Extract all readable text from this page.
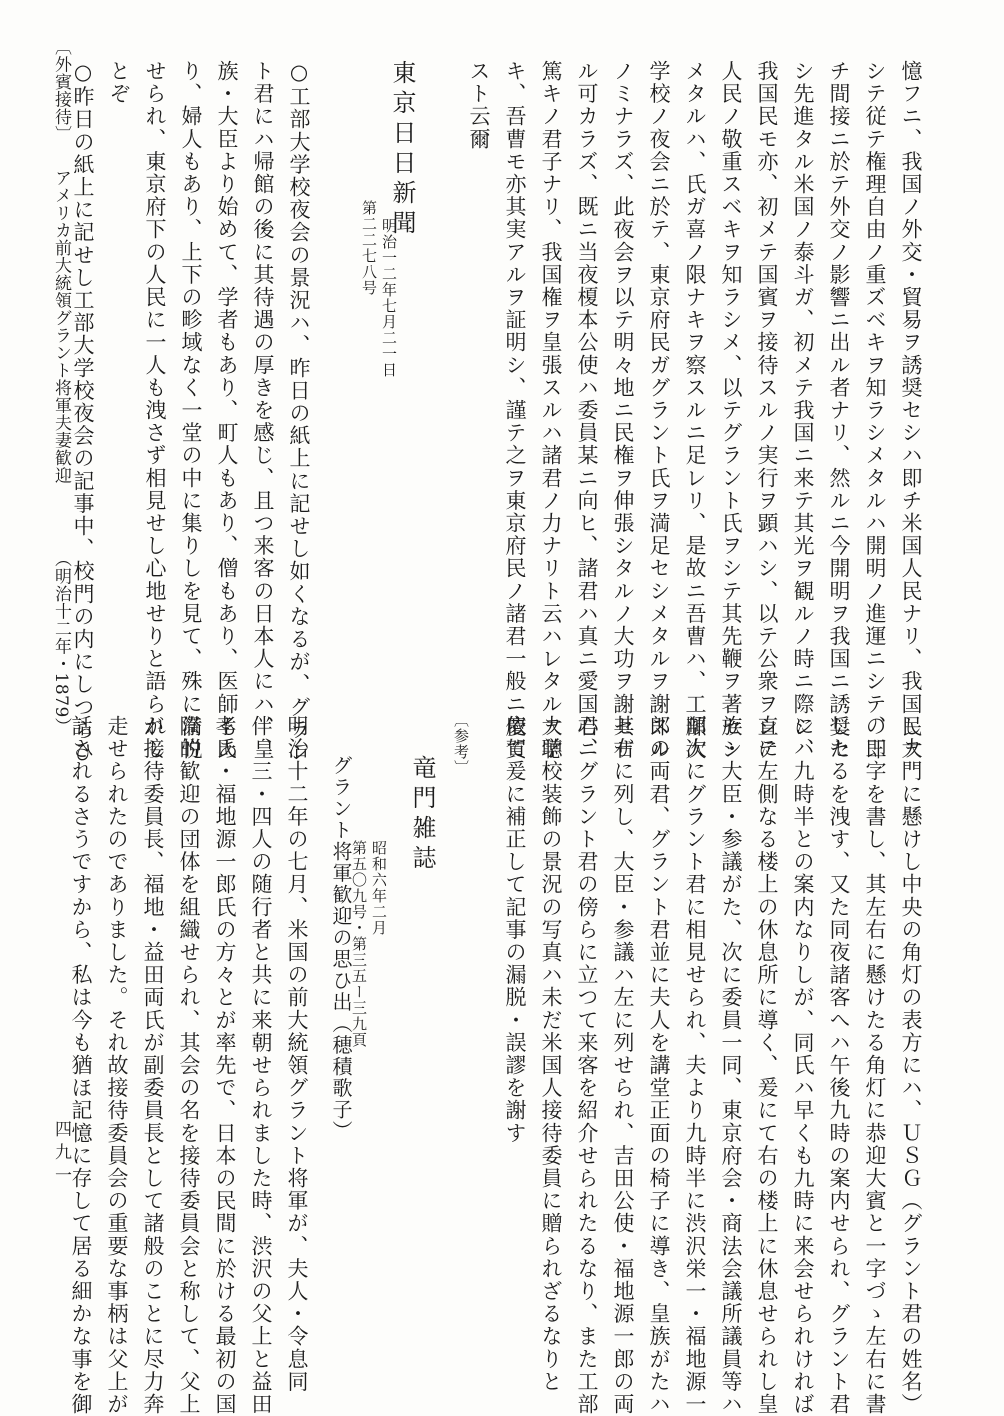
〔外賓接待〕アメリカ前大統領グラント将軍夫妻歓迎
（明治十二年・1879）
四九一
憶フニ、我国ノ外交・貿易ヲ誘奨セシハ即チ米国人民ナリ、我国民ヲ
シテ従テ権理自由ノ重ズベキヲ知ラシメタルハ開明ノ進運ニシテ、即
チ間接ニ於テ外交ノ影響ニ出ル者ナリ、然ルニ今開明ヲ我国ニ誘奨セ
シ先進タル米国ノ泰斗ガ、初メテ我国ニ来テ其光ヲ観ルノ時ニ際シ、
我国民モ亦、初メテ国賓ヲ接待スルノ実行ヲ顕ハシ、以テ公衆ヲシテ
人民ノ敬重スベキヲ知ラシメ、以テグラント氏ヲシテ其先鞭ヲ著セシ
メタルハ、氏ガ喜ノ限ナキヲ察スルニ足レリ、是故ニ吾曹ハ、工部大
学校ノ夜会ニ於テ、東京府民ガグラント氏ヲ満足セシメタルヲ謝スル
ノミナラズ、此夜会ヲ以テ明々地ニ民権ヲ伸張シタルノ大功ヲ謝セザ
ル可カラズ、既ニ当夜榎本公使ハ委員某ニ向ヒ、諸君ハ真ニ愛国心ニ
篤キノ君子ナリ、我国権ヲ皇張スルハ諸君ノ力ナリト云ハレタルヲ聴
キ、吾曹モ亦其実アルヲ証明シ、謹テ之ヲ東京府民ノ諸君一般ニ慶賀
スト云爾
東京日日新聞
第二二七八号 明治一二年七月二一日
○工部大学校夜会の景況ハ、昨日の紙上に記せし如くなるが、グラン
ト君にハ帰館の後に其待遇の厚きを感じ、且つ来客の日本人にハ、皇
族・大臣より始めて、学者もあり、町人もあり、僧もあり、医師もあ
り、婦人もあり、上下の畛域なく一堂の中に集りしを見て、殊に満悦
せられ、東京府下の人民に一人も洩さず相見せし心地せりと語られし
とぞ
○昨日の紙上に記せし工部大学校夜会の記事中、校門の内にしつらひ
し大門に懸けし中央の角灯の表方にハ、ＵＳＧ（グラント君の姓名）
の三字を書し、其左右に懸けたる角灯に恭迎大賓と一字づゝ左右に書
したるを洩す、又た同夜諸客へハ午後九時の案内せられ、グラント君
にハ九時半との案内なりしが、同氏ハ早くも九時に来会せられければ
直に左側なる楼上の休息所に導く、爰にて右の楼上に休息せられし皇
族・大臣・参議がた、次に委員一同、東京府会・商法会議所議員等ハ
順次にグラント君に相見せられ、夫より九時半に渋沢栄一・福地源一
郎の両君、グラント君並に夫人を講堂正面の椅子に導き、皇族がたハ
其右に列し、大臣・参議ハ左に列せられ、吉田公使・福地源一郎の両
君、グラント君の傍らに立つて来客を紹介せられたるなり、また工部
大学校装飾の景況の写真ハ未だ米国人接待委員に贈られざるなりと
依て爰に補正して記事の漏脱・誤謬を謝す
〔参考〕
竜門雑誌
第五〇九号・第三五ー三九頁 昭和六年二月
グラント将軍歓迎の思ひ出（穂積歌子）
明治十二年の七月、米国の前大統領グラント将軍が、夫人・令息同
伴、三・四人の随行者と共に来朝せられました時、渋沢の父上と益田
孝氏・福地源一郎氏の方々とが率先で、日本の民間に於ける最初の国
際的歓迎の団体を組織せられ、其会の名を接待委員会と称して、父上
が接待委員長、福地・益田両氏が副委員長として諸般のことに尽力奔
走せられたのでありました。それ故接待委員会の重要な事柄は父上が
話されるさうですから、私は今も猶ほ記憶に存して居る細かな事を御
